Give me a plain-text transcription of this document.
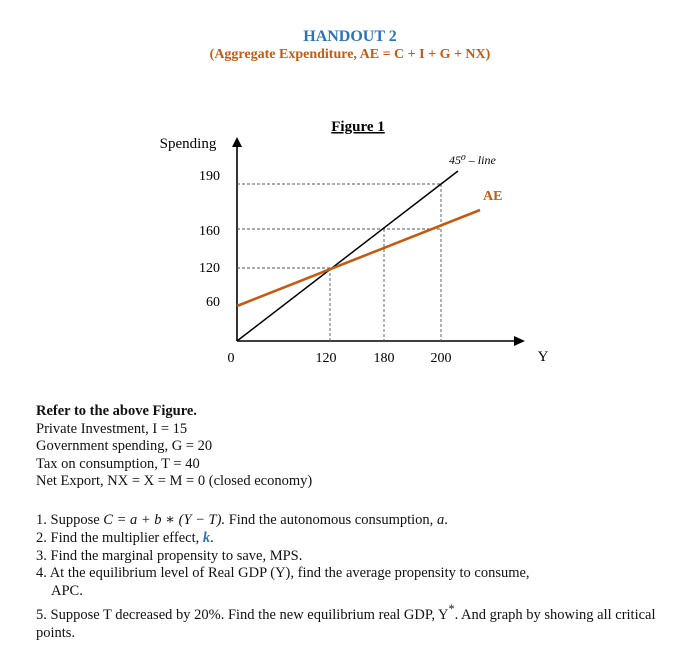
HANDOUT 2
(Aggregate Expenditure, AE = C + I + G + NX)
Figure 1
Spending
Y
0
190
160
120
60
120	180	200
45⁰ – line
AE
Refer to the above Figure.
Private Investment, I = 15
Government spending, G = 20
Tax on consumption, T = 40
Net Export, NX = X = M = 0 (closed economy)

1. Suppose C = a + b ∗ (Y − T). Find the autonomous consumption, a.

2. Find the multiplier effect, k.

3. Find the marginal propensity to save, MPS.

4. At the equilibrium level of Real GDP (Y), find the average propensity to consume,

APC.

5. Suppose T decreased by 20%. Find the new equilibrium real GDP, Y*. And graph by showing all critical points.
